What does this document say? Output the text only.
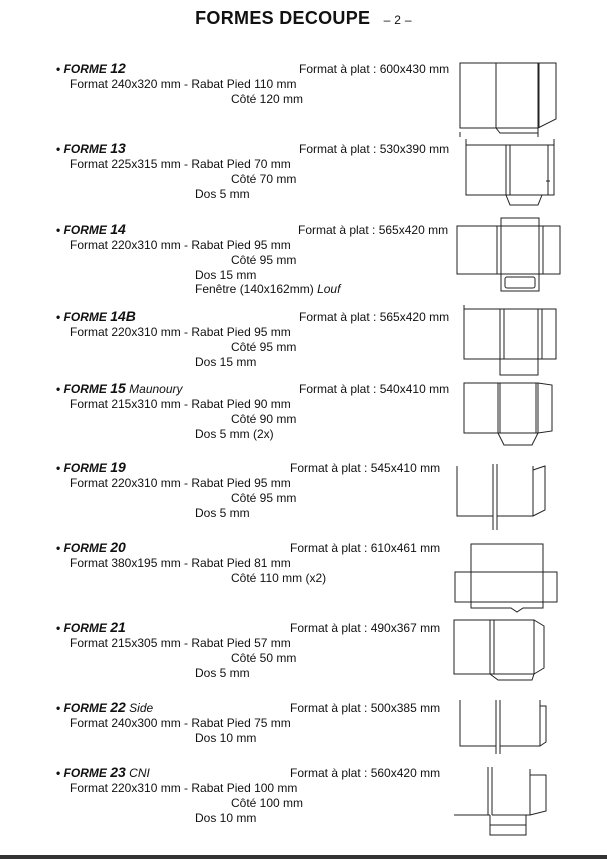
FORMES DECOUPE – 2 –
• FORME 12	Format à plat : 600x430 mm
Format 240x320 mm - Rabat Pied 110 mm
Côté 120 mm
• FORME 13	Format à plat : 530x390 mm
Format 225x315 mm - Rabat Pied 70 mm
Côté 70 mm
Dos 5 mm
• FORME 14	Format à plat : 565x420 mm
Format 220x310 mm - Rabat Pied 95 mm
Côté 95 mm
Dos 15 mm
Fenêtre (140x162mm) Louf
• FORME 14B	Format à plat : 565x420 mm
Format 220x310 mm - Rabat Pied 95 mm
Côté 95 mm
Dos 15 mm
• FORME 15 Maunoury	Format à plat : 540x410 mm
Format 215x310 mm - Rabat Pied 90 mm
Côté 90 mm
Dos 5 mm (2x)
• FORME 19	Format à plat : 545x410 mm
Format 220x310 mm - Rabat Pied 95 mm
Côté 95 mm
Dos 5 mm
• FORME 20	Format à plat : 610x461 mm
Format 380x195 mm - Rabat Pied 81 mm
Côté 110 mm (x2)
• FORME 21	Format à plat : 490x367 mm
Format 215x305 mm - Rabat Pied 57 mm
Côté 50 mm
Dos 5 mm
• FORME 22 Side	Format à plat : 500x385 mm
Format 240x300 mm - Rabat Pied 75 mm
Dos 10 mm
• FORME 23 CNI	Format à plat : 560x420 mm
Format 220x310 mm - Rabat Pied 100 mm
Côté 100 mm
Dos 10 mm
